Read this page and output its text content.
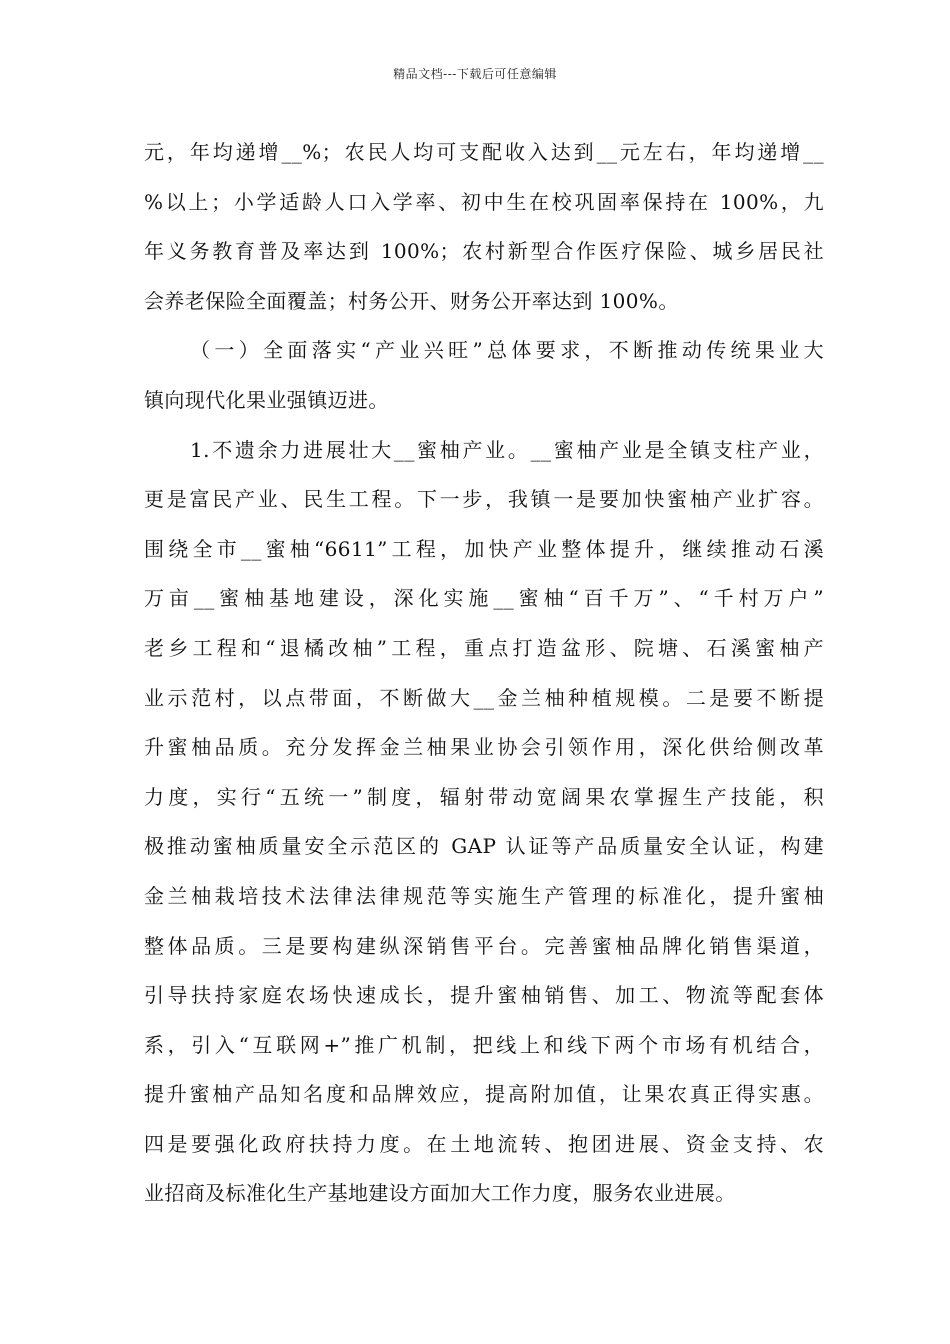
精品文档---下载后可任意编辑
元，年均递增__%；农民人均可支配收入达到__元左右，年均递增__
%以上；小学适龄人口入学率、初中生在校巩固率保持在 100%，九
年义务教育普及率达到 100%；农村新型合作医疗保险、城乡居民社
会养老保险全面覆盖；村务公开、财务公开率达到 100%。
（一）全面落实“产业兴旺”总体要求，不断推动传统果业大
镇向现代化果业强镇迈进。
1.不遗余力进展壮大__蜜柚产业。__蜜柚产业是全镇支柱产业，
更是富民产业、民生工程。下一步，我镇一是要加快蜜柚产业扩容。
围绕全市__蜜柚“6611”工程，加快产业整体提升，继续推动石溪
万亩__蜜柚基地建设，深化实施__蜜柚“百千万”、“千村万户”
老乡工程和“退橘改柚”工程，重点打造盆形、院塘、石溪蜜柚产
业示范村，以点带面，不断做大__金兰柚种植规模。二是要不断提
升蜜柚品质。充分发挥金兰柚果业协会引领作用，深化供给侧改革
力度，实行“五统一”制度，辐射带动宽阔果农掌握生产技能，积
极推动蜜柚质量安全示范区的 GAP 认证等产品质量安全认证，构建
金兰柚栽培技术法律法律规范等实施生产管理的标准化，提升蜜柚
整体品质。三是要构建纵深销售平台。完善蜜柚品牌化销售渠道，
引导扶持家庭农场快速成长，提升蜜柚销售、加工、物流等配套体
系，引入“互联网+”推广机制，把线上和线下两个市场有机结合，
提升蜜柚产品知名度和品牌效应，提高附加值，让果农真正得实惠。
四是要强化政府扶持力度。在土地流转、抱团进展、资金支持、农
业招商及标准化生产基地建设方面加大工作力度，服务农业进展。
